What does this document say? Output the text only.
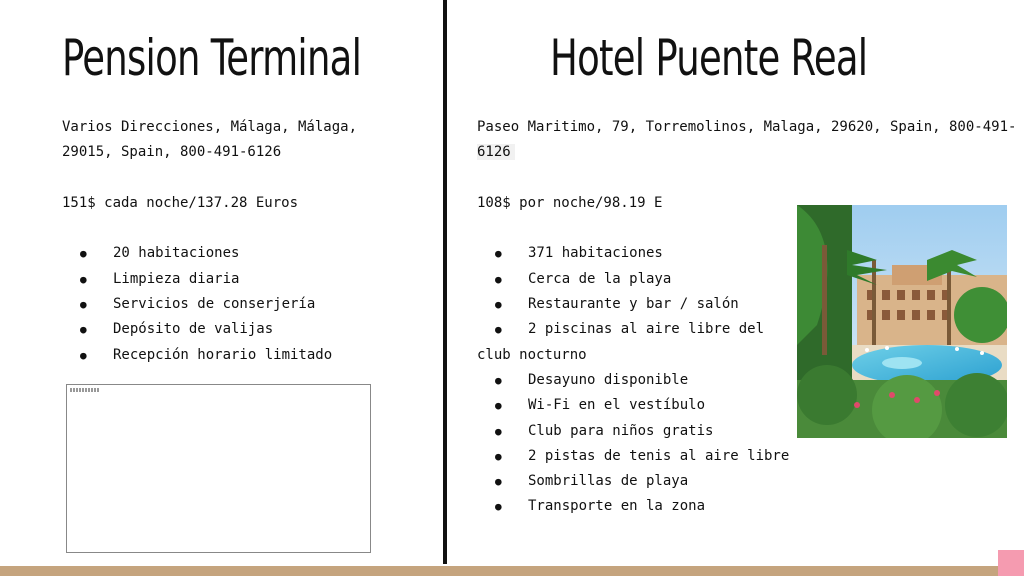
Pension Terminal	Hotel Puente Real

Varios Direcciones, Málaga, Málaga,

29015, Spain, 800-491-6126

151$ cada noche/137.28 Euros

● 20 habitaciones
● Limpieza diaria
● Servicios de conserjería
● Depósito de valijas
● Recepción horario limitado

Paseo Maritimo, 79, Torremolinos, Malaga, 29620, Spain, 800-491-

6126

108$ por noche/98.19 E

● 371 habitaciones
● Cerca de la playa
● Restaurante y bar / salón
● 2 piscinas al aire libre del
club nocturno
● Desayuno disponible
● Wi-Fi en el vestíbulo
● Club para niños gratis
● 2 pistas de tenis al aire libre
● Sombrillas de playa
● Transporte en la zona
